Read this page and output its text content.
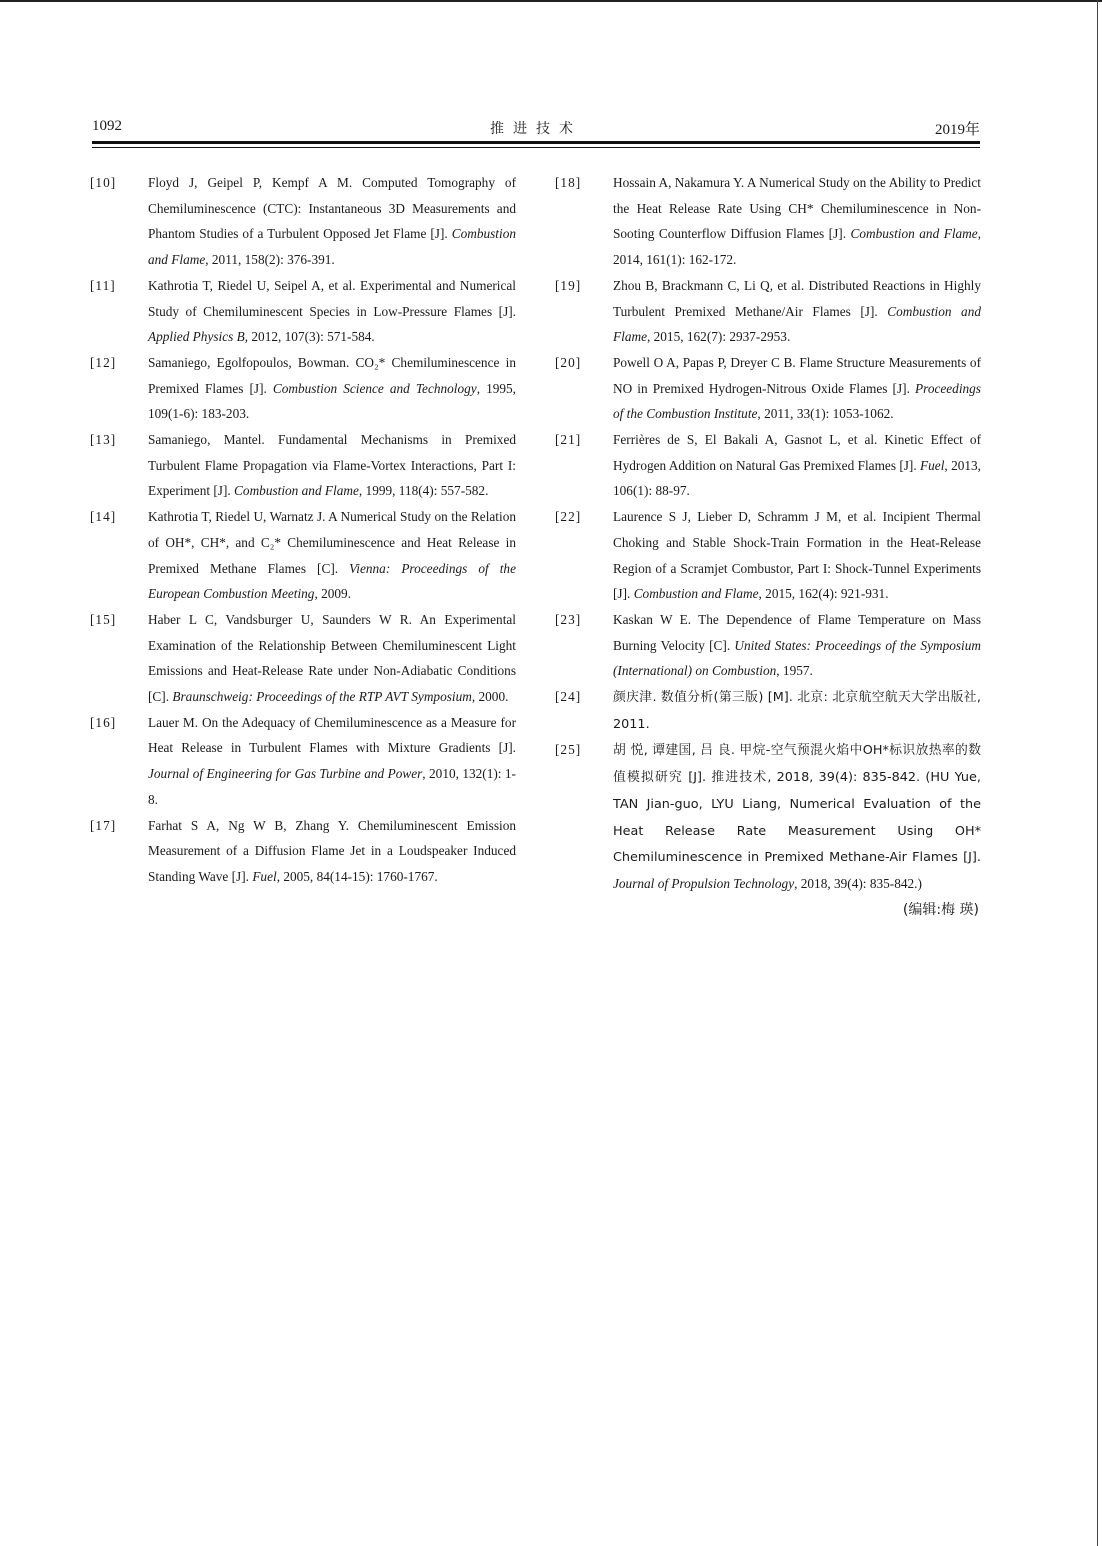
1092	推进技术	2019年
[10] Floyd J, Geipel P, Kempf A M. Computed Tomography of Chemiluminescence (CTC): Instantaneous 3D Measurements and Phantom Studies of a Turbulent Opposed Jet Flame [J]. Combustion and Flame, 2011, 158(2): 376-391.
[11] Kathrotia T, Riedel U, Seipel A, et al. Experimental and Numerical Study of Chemiluminescent Species in Low-Pressure Flames [J]. Applied Physics B, 2012, 107(3): 571-584.
[12] Samaniego, Egolfopoulos, Bowman. CO₂* Chemiluminescence in Premixed Flames [J]. Combustion Science and Technology, 1995, 109(1-6): 183-203.
[13] Samaniego, Mantel. Fundamental Mechanisms in Premixed Turbulent Flame Propagation via Flame-Vortex Interactions, Part I: Experiment [J]. Combustion and Flame, 1999, 118(4): 557-582.
[14] Kathrotia T, Riedel U, Warnatz J. A Numerical Study on the Relation of OH*, CH*, and C₂* Chemiluminescence and Heat Release in Premixed Methane Flames [C]. Vienna: Proceedings of the European Combustion Meeting, 2009.
[15] Haber L C, Vandsburger U, Saunders W R. An Experimental Examination of the Relationship Between Chemiluminescent Light Emissions and Heat-Release Rate under Non-Adiabatic Conditions [C]. Braunschweig: Proceedings of the RTP AVT Symposium, 2000.
[16] Lauer M. On the Adequacy of Chemiluminescence as a Measure for Heat Release in Turbulent Flames with Mixture Gradients [J]. Journal of Engineering for Gas Turbine and Power, 2010, 132(1): 1-8.
[17] Farhat S A, Ng W B, Zhang Y. Chemiluminescent Emission Measurement of a Diffusion Flame Jet in a Loudspeaker Induced Standing Wave [J]. Fuel, 2005, 84(14-15): 1760-1767.
[18] Hossain A, Nakamura Y. A Numerical Study on the Ability to Predict the Heat Release Rate Using CH* Chemiluminescence in Non-Sooting Counterflow Diffusion Flames [J]. Combustion and Flame, 2014, 161(1): 162-172.
[19] Zhou B, Brackmann C, Li Q, et al. Distributed Reactions in Highly Turbulent Premixed Methane/Air Flames [J]. Combustion and Flame, 2015, 162(7): 2937-2953.
[20] Powell O A, Papas P, Dreyer C B. Flame Structure Measurements of NO in Premixed Hydrogen-Nitrous Oxide Flames [J]. Proceedings of the Combustion Institute, 2011, 33(1): 1053-1062.
[21] Ferrières de S, El Bakali A, Gasnot L, et al. Kinetic Effect of Hydrogen Addition on Natural Gas Premixed Flames [J]. Fuel, 2013, 106(1): 88-97.
[22] Laurence S J, Lieber D, Schramm J M, et al. Incipient Thermal Choking and Stable Shock-Train Formation in the Heat-Release Region of a Scramjet Combustor, Part I: Shock-Tunnel Experiments [J]. Combustion and Flame, 2015, 162(4): 921-931.
[23] Kaskan W E. The Dependence of Flame Temperature on Mass Burning Velocity [C]. United States: Proceedings of the Symposium (International) on Combustion, 1957.
[24] 颜庆津. 数值分析(第三版) [M]. 北京: 北京航空航天大学出版社, 2011.
[25] 胡 悦, 谭建国, 吕 良. 甲烷-空气预混火焰中OH*标识放热率的数值模拟研究 [J]. 推进技术, 2018, 39(4): 835-842. (HU Yue, TAN Jian-guo, LYU Liang, Numerical Evaluation of the Heat Release Rate Measurement Using OH* Chemiluminescence in Premixed Methane-Air Flames [J]. Journal of Propulsion Technology, 2018, 39(4): 835-842.)
(编辑:梅 瑛)
